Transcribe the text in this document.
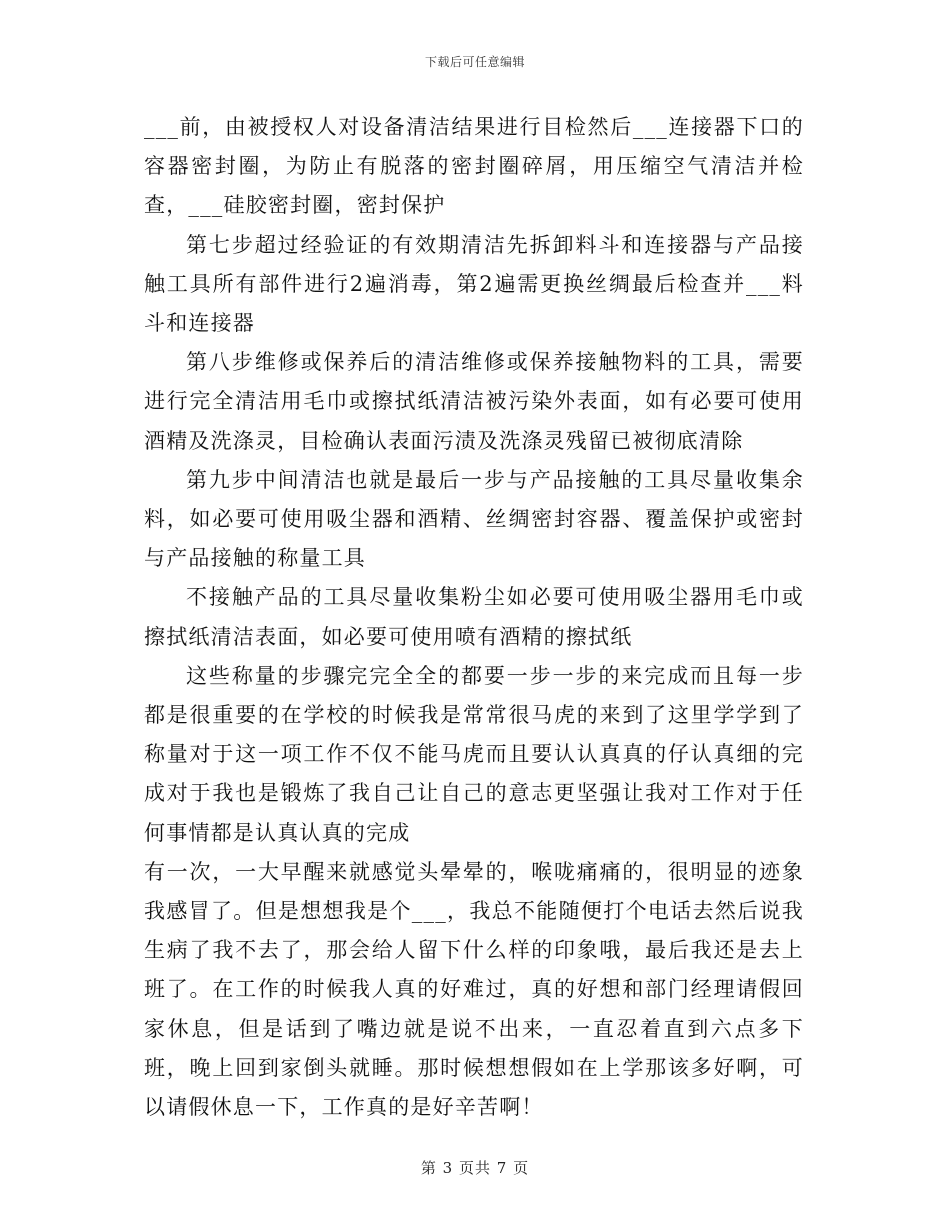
下载后可任意编辑

___前，由被授权人对设备清洁结果进行目检然后___连接器下口的容器密封圈，为防止有脱落的密封圈碎屑，用压缩空气清洁并检查，___硅胶密封圈，密封保护

第七步超过经验证的有效期清洁先拆卸料斗和连接器与产品接触工具所有部件进行2遍消毒，第2遍需更换丝绸最后检查并___料斗和连接器

第八步维修或保养后的清洁维修或保养接触物料的工具，需要进行完全清洁用毛巾或擦拭纸清洁被污染外表面，如有必要可使用酒精及洗涤灵，目检确认表面污渍及洗涤灵残留已被彻底清除

第九步中间清洁也就是最后一步与产品接触的工具尽量收集余料，如必要可使用吸尘器和酒精、丝绸密封容器、覆盖保护或密封与产品接触的称量工具

不接触产品的工具尽量收集粉尘如必要可使用吸尘器用毛巾或擦拭纸清洁表面，如必要可使用喷有酒精的擦拭纸

这些称量的步骤完完全全的都要一步一步的来完成而且每一步都是很重要的在学校的时候我是常常很马虎的来到了这里学学到了称量对于这一项工作不仅不能马虎而且要认认真真的仔认真细的完成对于我也是锻炼了我自己让自己的意志更坚强让我对工作对于任何事情都是认真认真的完成

有一次，一大早醒来就感觉头晕晕的，喉咙痛痛的，很明显的迹象我感冒了。但是想想我是个___，我总不能随便打个电话去然后说我生病了我不去了，那会给人留下什么样的印象哦，最后我还是去上班了。在工作的时候我人真的好难过，真的好想和部门经理请假回家休息，但是话到了嘴边就是说不出来，一直忍着直到六点多下班，晚上回到家倒头就睡。那时候想想假如在上学那该多好啊，可以请假休息一下，工作真的是好辛苦啊！

第 3 页共 7 页
